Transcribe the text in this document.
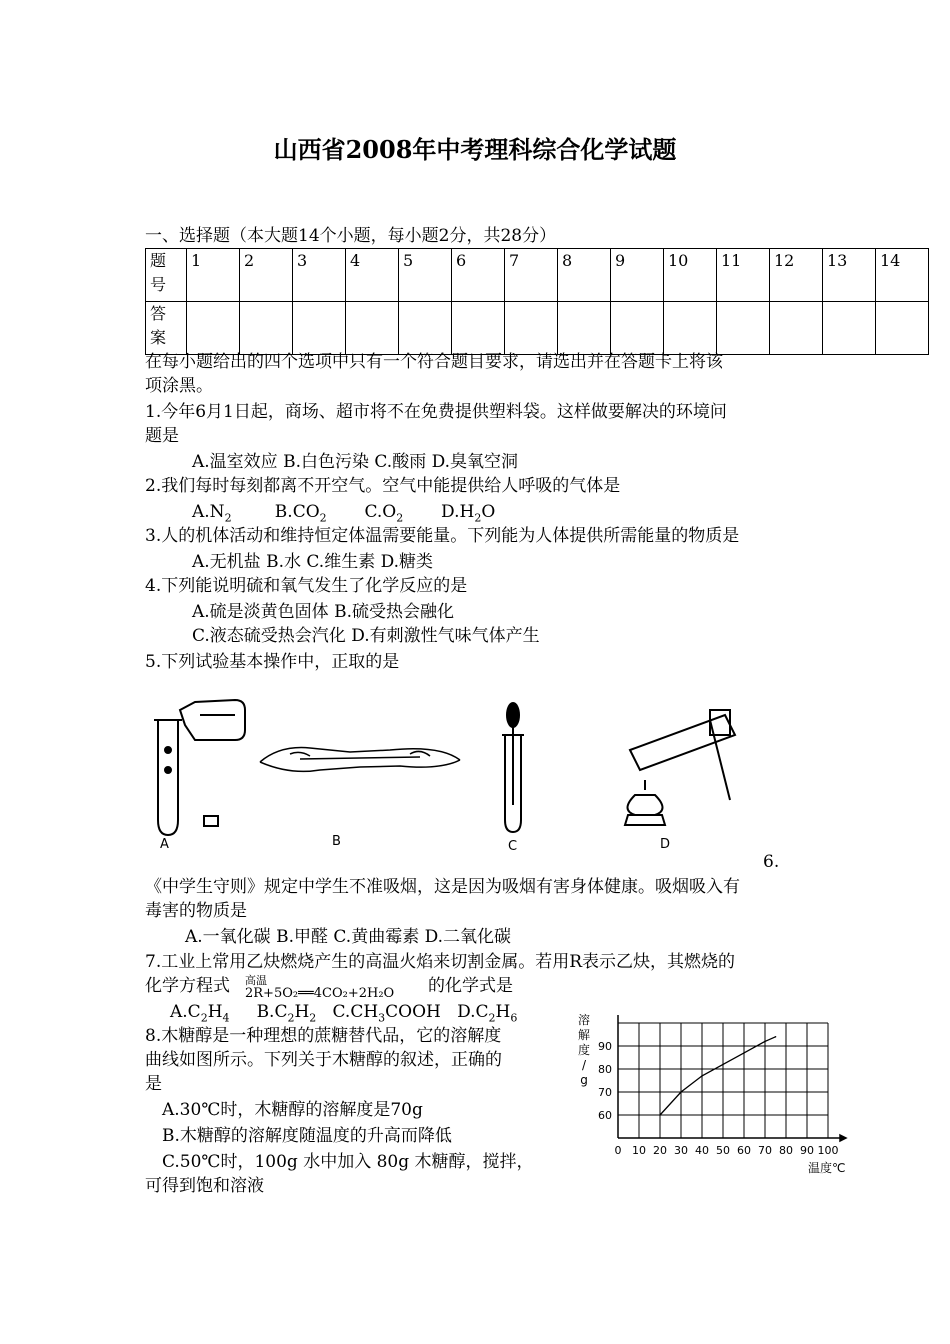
山西省2008年中考理科综合化学试题
一、选择题（本大题14个小题，每小题2分，共28分）
题
号	1	2	3	4	5	6	7	8	9	10	11	12	13	14
答
案														
在每小题给出的四个选项中只有一个符合题目要求，请选出并在答题卡上将该
项涂黑。
1.今年6月1日起，商场、超市将不在免费提供塑料袋。这样做要解决的环境问
题是
A.温室效应 B.白色污染 C.酸雨 D.臭氧空洞
2.我们每时每刻都离不开空气。空气中能提供给人呼吸的气体是
$A.N_2$	$B.CO_2$ $C.O_2$ $D.H_2O$
3.人的机体活动和维持恒定体温需要能量。下列能为人体提供所需能量的物质是
A.无机盐 B.水 C.维生素 D.糖类
4.下列能说明硫和氧气发生了化学反应的是
A.硫是淡黄色固体 B.硫受热会融化
C.液态硫受热会汽化 D.有刺激性气味气体产生
5.下列试验基本操作中，正取的是
A	B	C	D
6.
《中学生守则》规定中学生不准吸烟，这是因为吸烟有害身体健康。吸烟吸入有
毒害的物质是
A.一氧化碳 B.甲醛 C.黄曲霉素 D.二氧化碳
7.工业上常用乙炔燃烧产生的高温火焰来切割金属。若用R表示乙炔，其燃烧的
化学方程式 高温
2R+5O₂══4CO₂+2H₂O 的化学式是
$A.C_2H_4$ $B.C_2H_2$ $C.CH_3COOH$ $D.C_2H_6$
8.木糖醇是一种理想的蔗糖替代品，它的溶解度
曲线如图所示。下列关于木糖醇的叙述，正确的
是
A.30℃时，木糖醇的溶解度是70g
B.木糖醇的溶解度随温度的升高而降低
C.50℃时，100g 水中加入 80g 木糖醇，搅拌，
可得到饱和溶液
溶
解
度
/
g
0 10 20 30 40 50 60 70 80 90 100
60
70
80
90
温度℃
